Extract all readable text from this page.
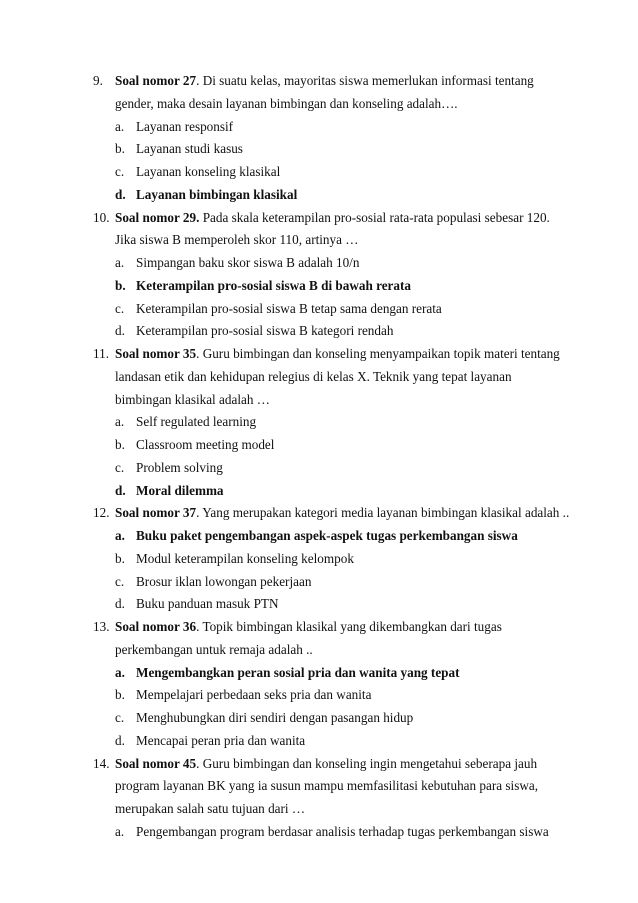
9. Soal nomor 27. Di suatu kelas, mayoritas siswa memerlukan informasi tentang
gender, maka desain layanan bimbingan dan konseling adalah….
a. Layanan responsif
b. Layanan studi kasus
c. Layanan konseling klasikal
d. Layanan bimbingan klasikal
10. Soal nomor 29. Pada skala keterampilan pro-sosial rata-rata populasi sebesar 120.
Jika siswa B memperoleh skor 110, artinya …
a. Simpangan baku skor siswa B adalah 10/n
b. Keterampilan pro-sosial siswa B di bawah rerata
c. Keterampilan pro-sosial siswa B tetap sama dengan rerata
d. Keterampilan pro-sosial siswa B kategori rendah
11. Soal nomor 35. Guru bimbingan dan konseling menyampaikan topik materi tentang
landasan etik dan kehidupan relegius di kelas X. Teknik yang tepat layanan
bimbingan klasikal adalah …
a. Self regulated learning
b. Classroom meeting model
c. Problem solving
d. Moral dilemma
12. Soal nomor 37. Yang merupakan kategori media layanan bimbingan klasikal adalah ..
a. Buku paket pengembangan aspek-aspek tugas perkembangan siswa
b. Modul keterampilan konseling kelompok
c. Brosur iklan lowongan pekerjaan
d. Buku panduan masuk PTN
13. Soal nomor 36. Topik bimbingan klasikal yang dikembangkan dari tugas
perkembangan untuk remaja adalah ..
a. Mengembangkan peran sosial pria dan wanita yang tepat
b. Mempelajari perbedaan seks pria dan wanita
c. Menghubungkan diri sendiri dengan pasangan hidup
d. Mencapai peran pria dan wanita
14. Soal nomor 45. Guru bimbingan dan konseling ingin mengetahui seberapa jauh
program layanan BK yang ia susun mampu memfasilitasi kebutuhan para siswa,
merupakan salah satu tujuan dari …
a. Pengembangan program berdasar analisis terhadap tugas perkembangan siswa
